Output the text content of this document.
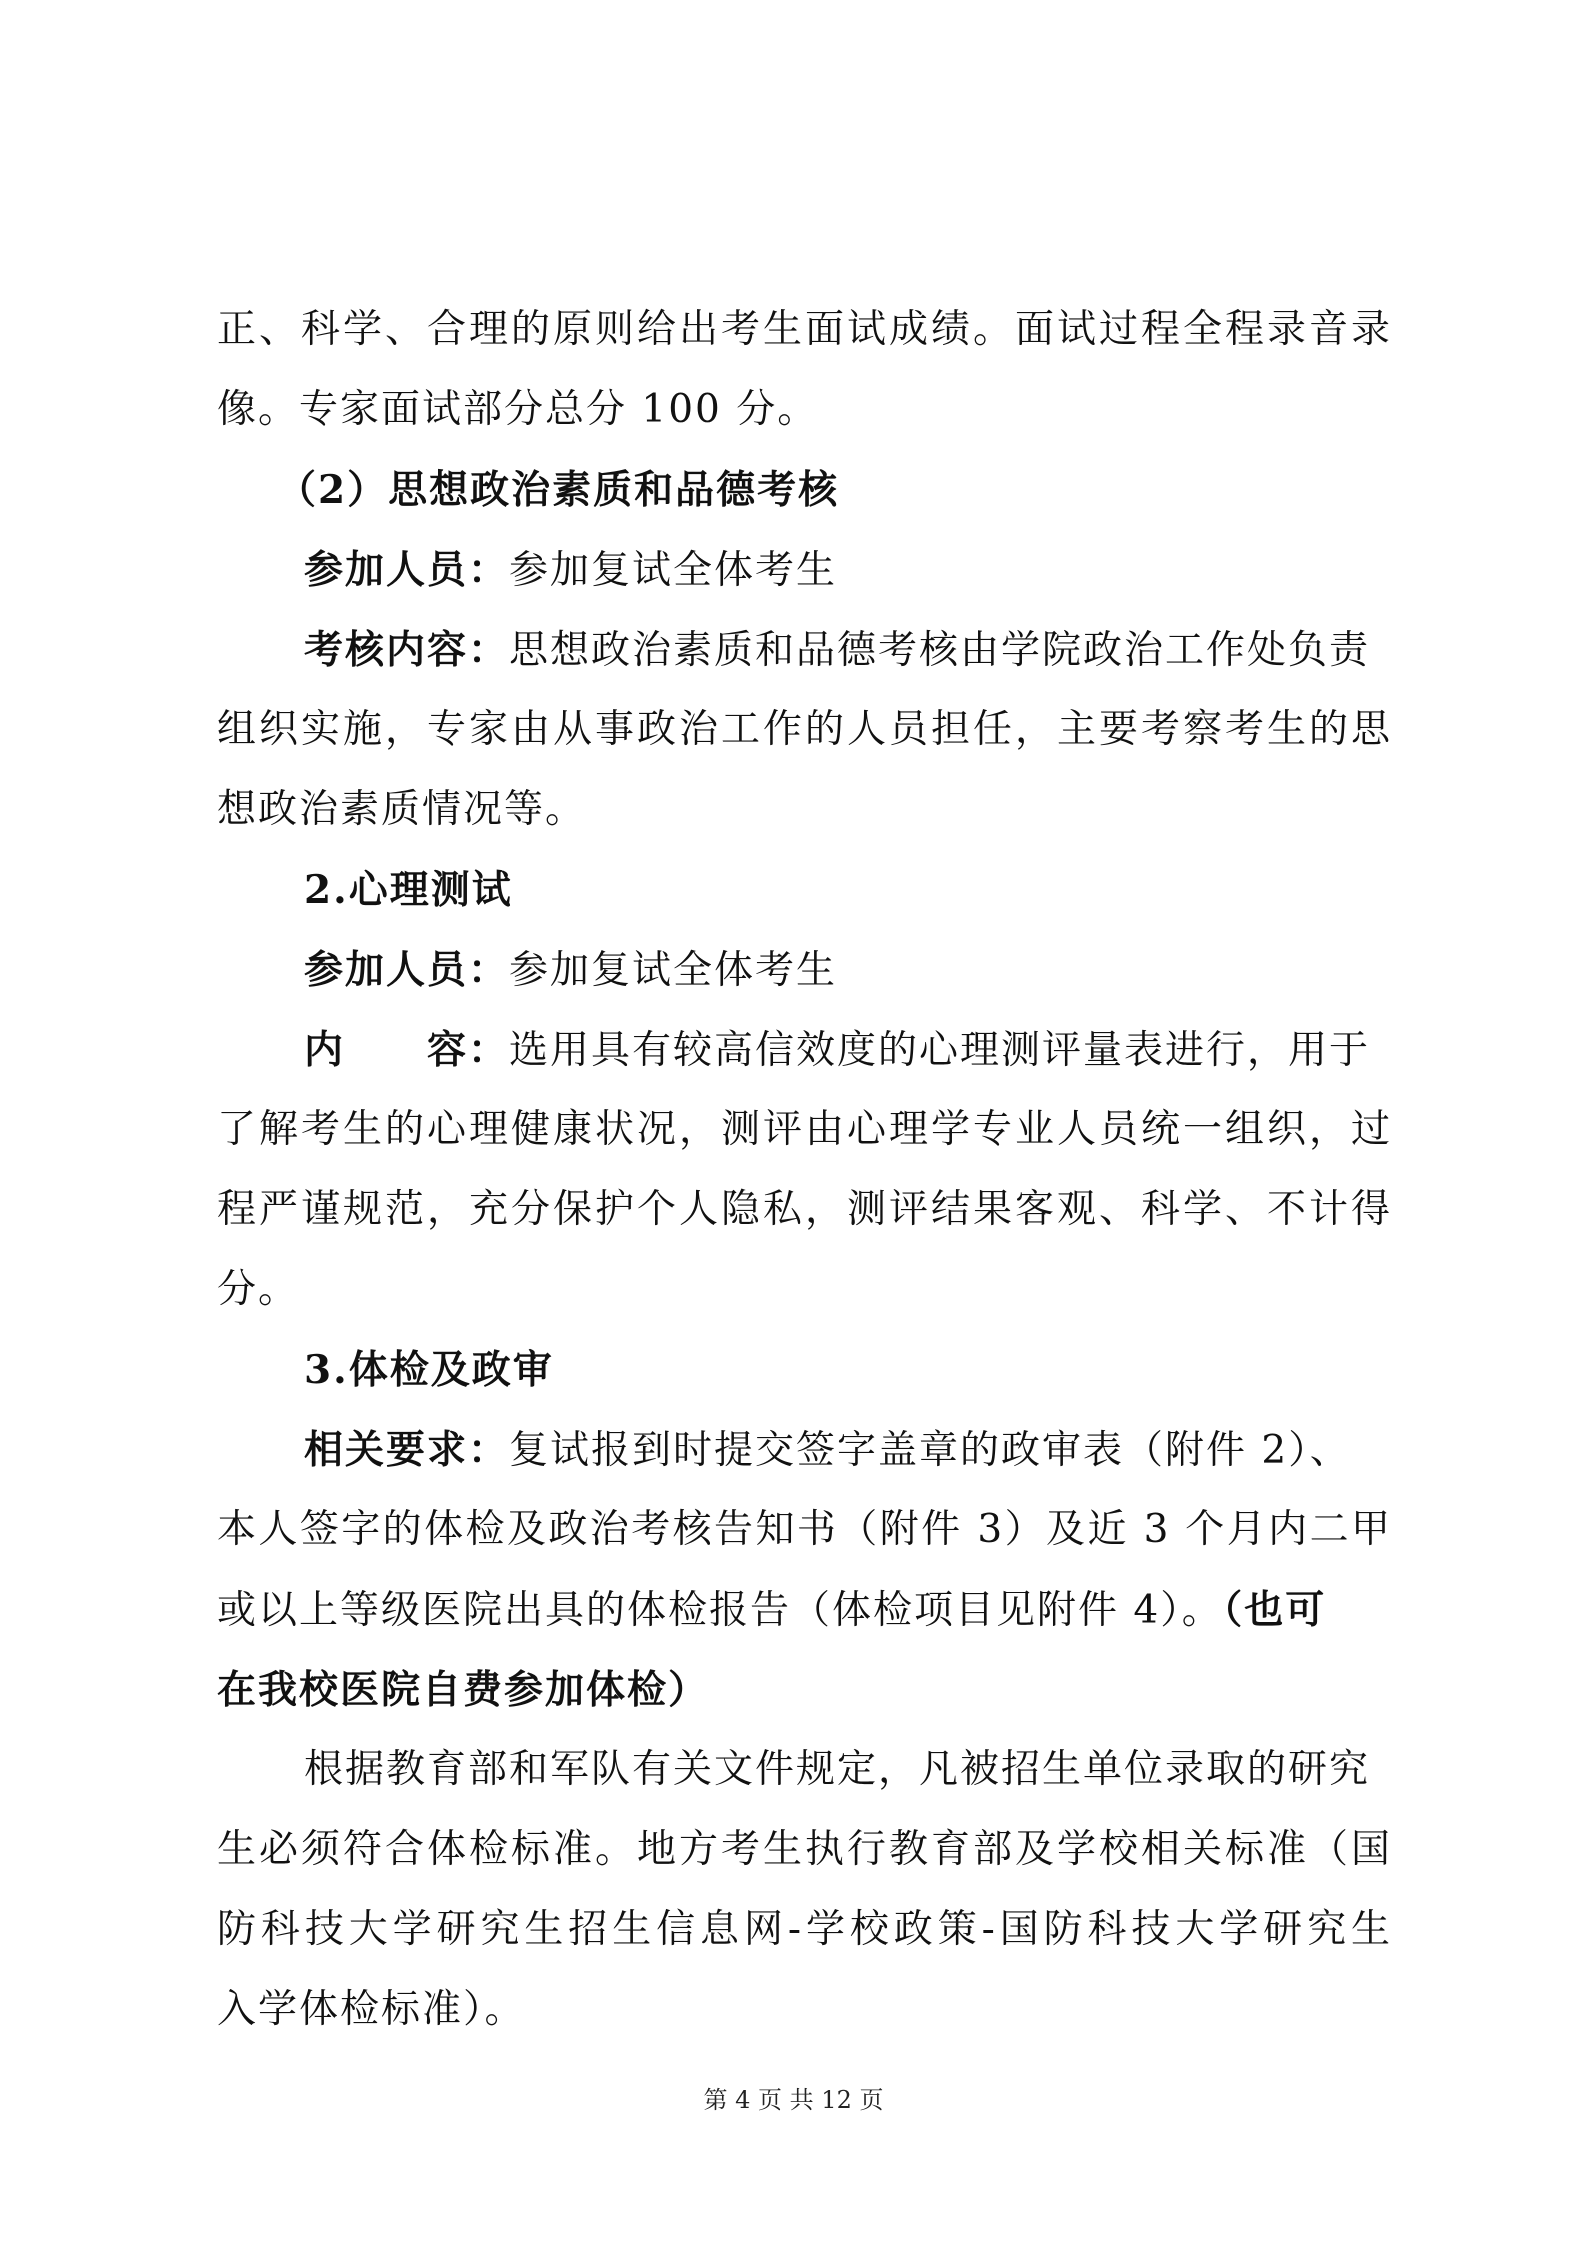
正、科学、合理的原则给出考生面试成绩。面试过程全程录音录
像。专家面试部分总分 100 分。
（2）思想政治素质和品德考核
参加人员：参加复试全体考生
考核内容：思想政治素质和品德考核由学院政治工作处负责
组织实施，专家由从事政治工作的人员担任，主要考察考生的思
想政治素质情况等。
2.心理测试
参加人员：参加复试全体考生
内　　容：选用具有较高信效度的心理测评量表进行，用于
了解考生的心理健康状况，测评由心理学专业人员统一组织，过
程严谨规范，充分保护个人隐私，测评结果客观、科学、不计得
分。
3.体检及政审
相关要求：复试报到时提交签字盖章的政审表（附件 2）、
本人签字的体检及政治考核告知书（附件 3）及近 3 个月内二甲
或以上等级医院出具的体检报告（体检项目见附件 4）。（也可
在我校医院自费参加体检）
根据教育部和军队有关文件规定，凡被招生单位录取的研究
生必须符合体检标准。地方考生执行教育部及学校相关标准（国
防科技大学研究生招生信息网-学校政策-国防科技大学研究生
入学体检标准）。
第 4 页 共 12 页
